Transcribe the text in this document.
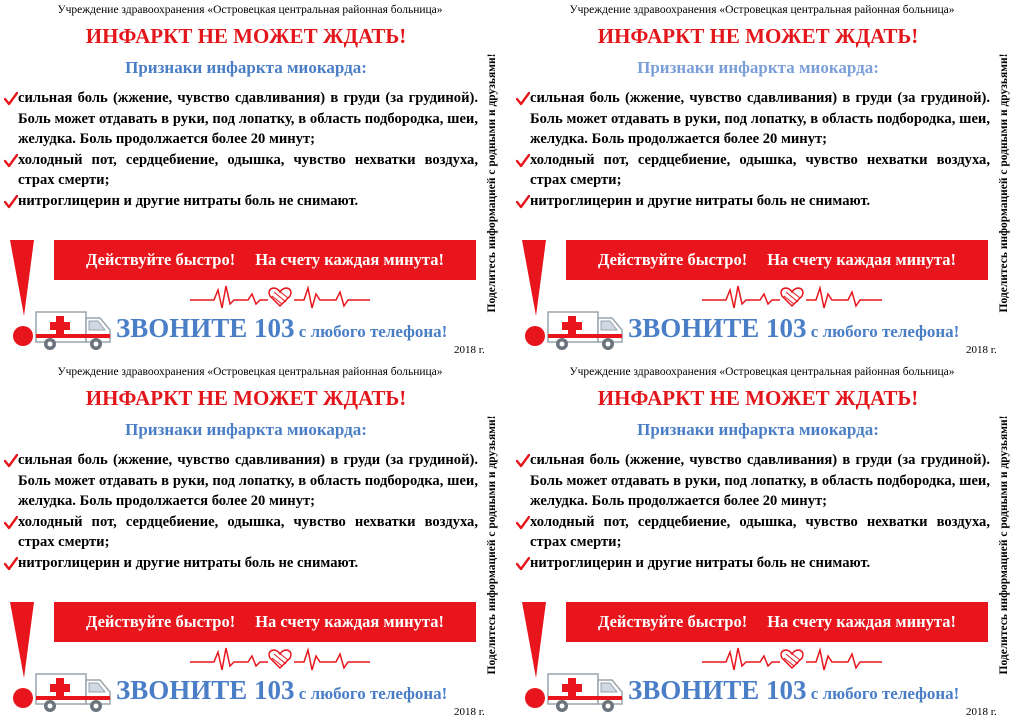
Учреждение здравоохранения «Островецкая центральная районная больница»
ИНФАРКТ НЕ МОЖЕТ ЖДАТЬ!
Признаки инфаркта миокарда:
сильная боль (жжение, чувство сдавливания) в груди (за грудиной). Боль может отдавать в руки, под лопатку, в область подбородка, шеи, желудка. Боль продолжается более 20 минут;
холодный пот, сердцебиение, одышка, чувство нехватки воздуха, страх смерти;
нитроглицерин и другие нитраты боль не снимают.
Действуйте быстро! На счету каждая минута!
ЗВОНИТЕ 103 с любого телефона!
2018 г.
Поделитесь информацией с родными и друзьями!
Учреждение здравоохранения «Островецкая центральная районная больница»
ИНФАРКТ НЕ МОЖЕТ ЖДАТЬ!
Признаки инфаркта миокарда:
сильная боль (жжение, чувство сдавливания) в груди (за грудиной). Боль может отдавать в руки, под лопатку, в область подбородка, шеи, желудка. Боль продолжается более 20 минут;
холодный пот, сердцебиение, одышка, чувство нехватки воздуха, страх смерти;
нитроглицерин и другие нитраты боль не снимают.
Действуйте быстро! На счету каждая минута!
ЗВОНИТЕ 103 с любого телефона!
2018 г.
Поделитесь информацией с родными и друзьями!
Учреждение здравоохранения «Островецкая центральная районная больница»
ИНФАРКТ НЕ МОЖЕТ ЖДАТЬ!
Признаки инфаркта миокарда:
сильная боль (жжение, чувство сдавливания) в груди (за грудиной). Боль может отдавать в руки, под лопатку, в область подбородка, шеи, желудка. Боль продолжается более 20 минут;
холодный пот, сердцебиение, одышка, чувство нехватки воздуха, страх смерти;
нитроглицерин и другие нитраты боль не снимают.
Действуйте быстро! На счету каждая минута!
ЗВОНИТЕ 103 с любого телефона!
2018 г.
Поделитесь информацией с родными и друзьями!
Учреждение здравоохранения «Островецкая центральная районная больница»
ИНФАРКТ НЕ МОЖЕТ ЖДАТЬ!
Признаки инфаркта миокарда:
сильная боль (жжение, чувство сдавливания) в груди (за грудиной). Боль может отдавать в руки, под лопатку, в область подбородка, шеи, желудка. Боль продолжается более 20 минут;
холодный пот, сердцебиение, одышка, чувство нехватки воздуха, страх смерти;
нитроглицерин и другие нитраты боль не снимают.
Действуйте быстро! На счету каждая минута!
ЗВОНИТЕ 103 с любого телефона!
2018 г.
Поделитесь информацией с родными и друзьями!
